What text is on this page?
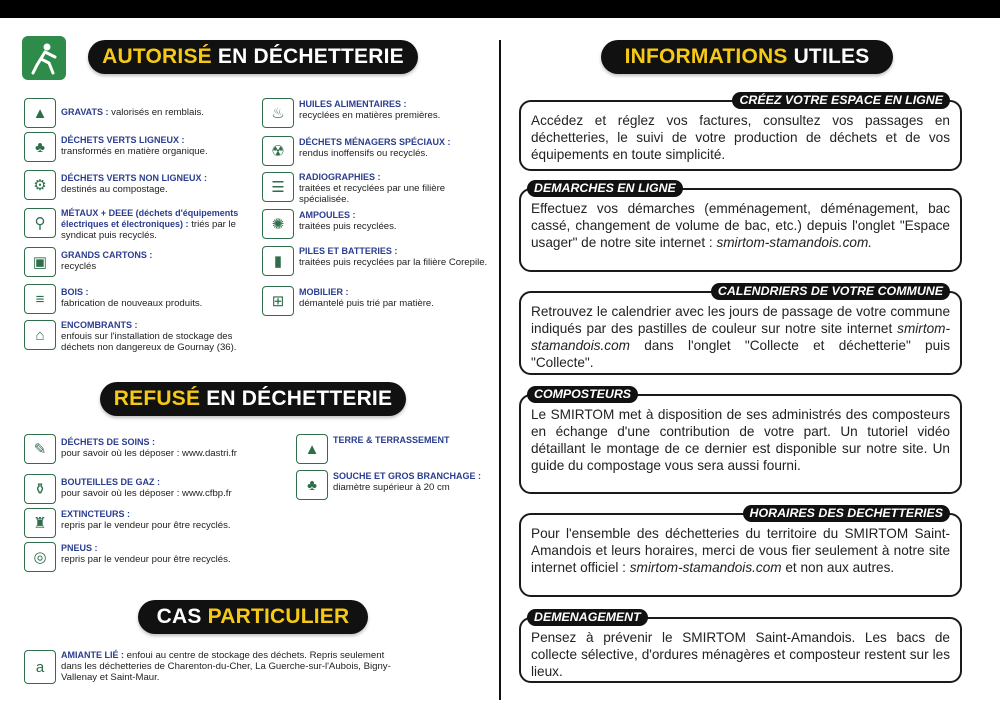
AUTORISÉ EN DÉCHETTERIE
▲	GRAVATS : valorisés en remblais.
♣	DÉCHETS VERTS LIGNEUX :
transformés en matière organique.
⚙	DÉCHETS VERTS NON LIGNEUX :
destinés au compostage.
⚲
MÉTAUX + DEEE (déchets d'équipements électriques et électroniques) : triés par le syndicat puis recyclés.
▣	GRANDS CARTONS :
recyclés
≡	BOIS :
fabrication de nouveaux produits.
⌂
ENCOMBRANTS :
enfouis sur l'installation de stockage des déchets non dangereux de Gournay (36).
♨
HUILES ALIMENTAIRES :
recyclées en matières premières.
☢
DÉCHETS MÉNAGERS SPÉCIAUX :
rendus inoffensifs ou recyclés.
☰
RADIOGRAPHIES :
traitées et recyclées par une filière spécialisée.
✺
AMPOULES :
traitées puis recyclées.
▮
PILES ET BATTERIES :
traitées puis recyclées par la filière Corepile.
⊞
MOBILIER :
démantelé puis trié par matière.
REFUSÉ EN DÉCHETTERIE
✎	DÉCHETS DE SOINS :
pour savoir où les déposer : www.dastri.fr
⚱	BOUTEILLES DE GAZ :
pour savoir où les déposer : www.cfbp.fr
♜
EXTINCTEURS :
repris par le vendeur pour être recyclés.
◎
PNEUS :
repris par le vendeur pour être recyclés.
▲
TERRE & TERRASSEMENT
♣
SOUCHE ET GROS BRANCHAGE :
diamètre supérieur à 20 cm
CAS PARTICULIER
a
AMIANTE LIÉ : enfoui au centre de stockage des déchets. Repris seulement dans les déchetteries de Charenton-du-Cher, La Guerche-sur-l'Aubois, Bigny-Vallenay et Saint-Maur.
INFORMATIONS UTILES
CRÉEZ VOTRE ESPACE EN LIGNE

Accédez et réglez vos factures, consultez vos passages en déchetteries, le suivi de votre production de déchets et de vos équipements en toute simplicité.

DEMARCHES EN LIGNE

Effectuez vos démarches (emménagement, déménagement, bac cassé, changement de volume de bac, etc.) depuis l'onglet "Espace usager" de notre site internet : smirtom-stamandois.com.

CALENDRIERS DE VOTRE COMMUNE

Retrouvez le calendrier avec les jours de passage de votre commune indiqués par des pastilles de couleur sur notre site internet smirtom-stamandois.com dans l'onglet "Collecte et déchetterie" puis "Collecte".

COMPOSTEURS

Le SMIRTOM met à disposition de ses administrés des composteurs en échange d'une contribution de votre part. Un tutoriel vidéo détaillant le montage de ce dernier est disponible sur notre site. Un guide du compostage vous sera aussi fourni.

HORAIRES DES DECHETTERIES

Pour l'ensemble des déchetteries du territoire du SMIRTOM Saint-Amandois et leurs horaires, merci de vous fier seulement à notre site internet officiel : smirtom-stamandois.com et non aux autres.

DEMENAGEMENT

Pensez à prévenir le SMIRTOM Saint-Amandois. Les bacs de collecte sélective, d'ordures ménagères et composteur restent sur les lieux.
